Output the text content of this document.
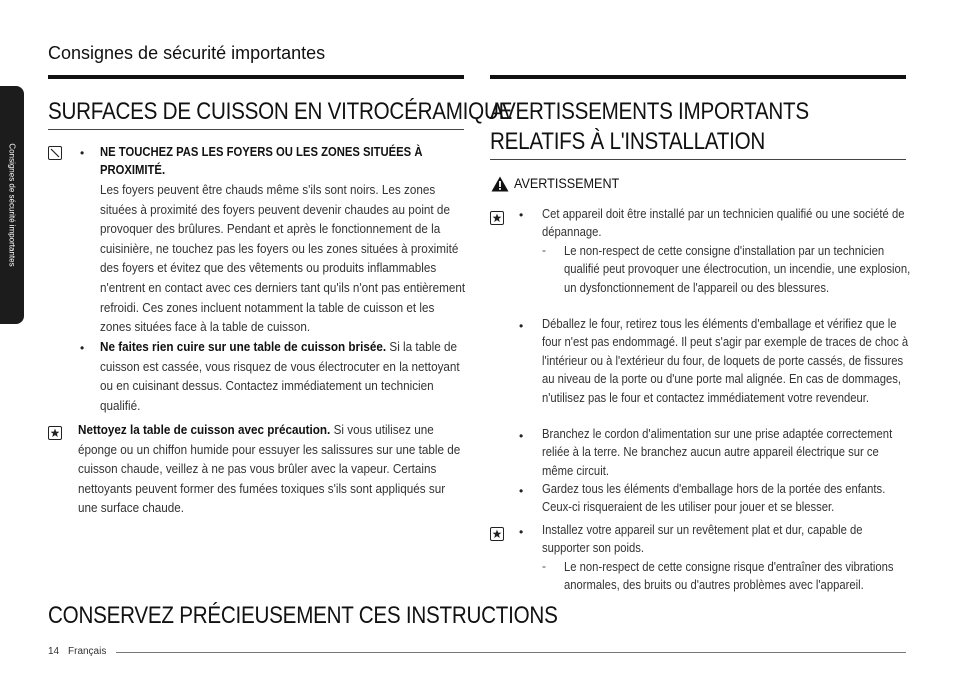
Consignes de sécurité importantes
Consignes de sécurité importantes
SURFACES DE CUISSON EN VITROCÉRAMIQUE
• NE TOUCHEZ PAS LES FOYERS OU LES ZONES SITUÉES À
PROXIMITÉ.
Les foyers peuvent être chauds même s'ils sont noirs. Les zones situées à proximité des foyers peuvent devenir chaudes au point de provoquer des brûlures. Pendant et après le fonctionnement de la cuisinière, ne touchez pas les foyers ou les zones situées à proximité des foyers et évitez que des vêtements ou produits inflammables n'entrent en contact avec ces derniers tant qu'ils n'ont pas entièrement refroidi. Ces zones incluent notamment la table de cuisson et les zones situées face à la table de cuisson.
• Ne faites rien cuire sur une table de cuisson brisée. Si la table de cuisson est cassée, vous risquez de vous électrocuter en la nettoyant ou en cuisinant dessus. Contactez immédiatement un technicien qualifié.
Nettoyez la table de cuisson avec précaution. Si vous utilisez une éponge ou un chiffon humide pour essuyer les salissures sur une table de cuisson chaude, veillez à ne pas vous brûler avec la vapeur. Certains nettoyants peuvent former des fumées toxiques s'ils sont appliqués sur une surface chaude.
CONSERVEZ PRÉCIEUSEMENT CES INSTRUCTIONS
AVERTISSEMENTS IMPORTANTS
RELATIFS À L'INSTALLATION
AVERTISSEMENT
• Cet appareil doit être installé par un technicien qualifié ou une société de dépannage.
- Le non-respect de cette consigne d'installation par un technicien qualifié peut provoquer une électrocution, un incendie, une explosion, un dysfonctionnement de l'appareil ou des blessures.
• Déballez le four, retirez tous les éléments d'emballage et vérifiez que le four n'est pas endommagé. Il peut s'agir par exemple de traces de choc à l'intérieur ou à l'extérieur du four, de loquets de porte cassés, de fissures au niveau de la porte ou d'une porte mal alignée. En cas de dommages, n'utilisez pas le four et contactez immédiatement votre revendeur.
• Branchez le cordon d'alimentation sur une prise adaptée correctement reliée à la terre. Ne branchez aucun autre appareil électrique sur ce même circuit.
• Gardez tous les éléments d'emballage hors de la portée des enfants. Ceux-ci risqueraient de les utiliser pour jouer et se blesser.
• Installez votre appareil sur un revêtement plat et dur, capable de supporter son poids.
- Le non-respect de cette consigne risque d'entraîner des vibrations anormales, des bruits ou d'autres problèmes avec l'appareil.
14 Français
